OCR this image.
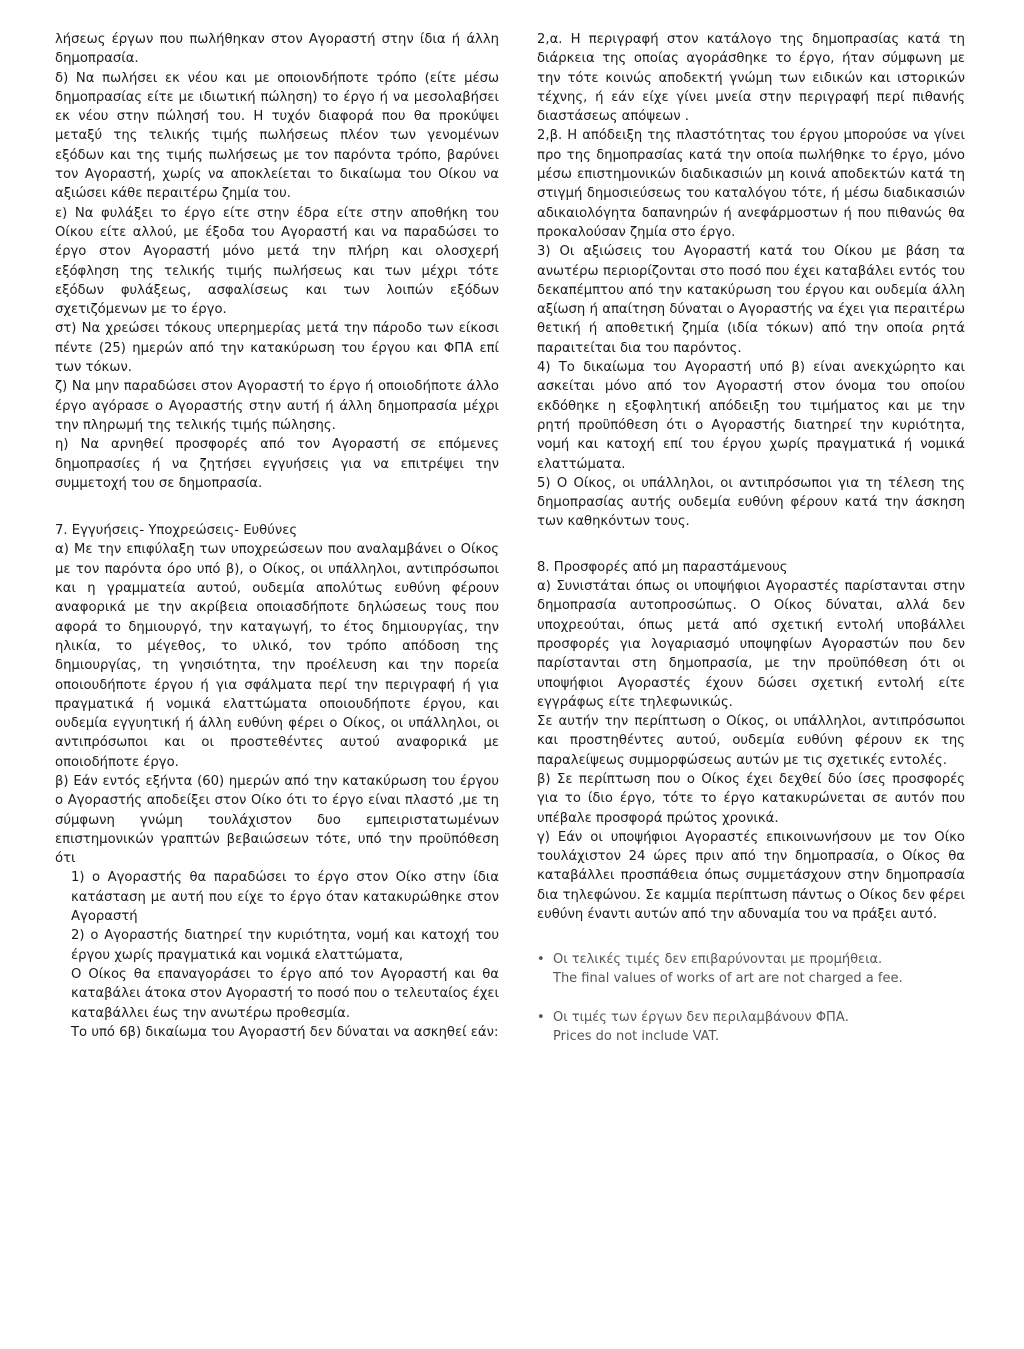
λήσεως έργων που πωλήθηκαν στον Αγοραστή στην ίδια ή άλλη δημοπρασία.

δ) Να πωλήσει εκ νέου και με οποιονδήποτε τρόπο (είτε μέσω δημοπρασίας είτε με ιδιωτική πώληση) το έργο ή να μεσολαβήσει εκ νέου στην πώλησή του. Η τυχόν διαφορά που θα προκύψει μεταξύ της τελικής τιμής πωλήσεως πλέον των γενομένων εξόδων και της τιμής πωλήσεως με τον παρόντα τρόπο, βαρύνει τον Αγοραστή, χωρίς να αποκλείεται το δικαίωμα του Οίκου να αξιώσει κάθε περαιτέρω ζημία του.

ε) Να φυλάξει το έργο είτε στην έδρα είτε στην αποθήκη του Οίκου είτε αλλού, με έξοδα του Αγοραστή και να παραδώσει το έργο στον Αγοραστή μόνο μετά την πλήρη και ολοσχερή εξόφληση της τελικής τιμής πωλήσεως και των μέχρι τότε εξόδων φυλάξεως, ασφαλίσεως και των λοιπών εξόδων σχετιζόμενων με το έργο.

στ) Να χρεώσει τόκους υπερημερίας μετά την πάροδο των είκοσι πέντε (25) ημερών από την κατακύρωση του έργου και ΦΠΑ επί των τόκων.

ζ) Να μην παραδώσει στον Αγοραστή το έργο ή οποιοδήποτε άλλο έργο αγόρασε ο Αγοραστής στην αυτή ή άλλη δημοπρασία μέχρι την πληρωμή της τελικής τιμής πώλησης.

η) Να αρνηθεί προσφορές από τον Αγοραστή σε επόμενες δημοπρασίες ή να ζητήσει εγγυήσεις για να επιτρέψει την συμμετοχή του σε δημοπρασία.

7. Εγγυήσεις- Υποχρεώσεις- Ευθύνες

α) Με την επιφύλαξη των υποχρεώσεων που αναλαμβάνει ο Οίκος με τον παρόντα όρο υπό β), ο Οίκος, οι υπάλληλοι, αντιπρόσωποι και η γραμματεία αυτού, ουδεμία απολύτως ευθύνη φέρουν αναφορικά με την ακρίβεια οποιασδήποτε δηλώσεως τους που αφορά το δημιουργό, την καταγωγή, το έτος δημιουργίας, την ηλικία, το μέγεθος, το υλικό, τον τρόπο απόδοση της δημιουργίας, τη γνησιότητα, την προέλευση και την πορεία οποιουδήποτε έργου ή για σφάλματα περί την περιγραφή ή για πραγματικά ή νομικά ελαττώματα οποιουδήποτε έργου, και ουδεμία εγγυητική ή άλλη ευθύνη φέρει ο Οίκος, οι υπάλληλοι, οι αντιπρόσωποι και οι προστεθέντες αυτού αναφορικά με οποιοδήποτε έργο.

β) Εάν εντός εξήντα (60) ημερών από την κατακύρωση του έργου ο Αγοραστής αποδείξει στον Οίκο ότι το έργο είναι πλαστό ,με τη σύμφωνη γνώμη τουλάχιστον δυο εμπειριστατωμένων επιστημονικών γραπτών βεβαιώσεων τότε, υπό την προϋπόθεση ότι

1) ο Αγοραστής θα παραδώσει το έργο στον Οίκο στην ίδια κατάσταση με αυτή που είχε το έργο όταν κατακυρώθηκε στον Αγοραστή

2) ο Αγοραστής διατηρεί την κυριότητα, νομή και κατοχή του έργου χωρίς πραγματικά και νομικά ελαττώματα,

Ο Οίκος θα επαναγοράσει το έργο από τον Αγοραστή και θα καταβάλει άτοκα στον Αγοραστή το ποσό που ο τελευταίος έχει καταβάλλει έως την ανωτέρω προθεσμία.

Το υπό 6β) δικαίωμα του Αγοραστή δεν δύναται να ασκηθεί εάν:

2,α. Η περιγραφή στον κατάλογο της δημοπρασίας κατά τη διάρκεια της οποίας αγοράσθηκε το έργο, ήταν σύμφωνη με την τότε κοινώς αποδεκτή γνώμη των ειδικών και ιστορικών τέχνης, ή εάν είχε γίνει μνεία στην περιγραφή περί πιθανής διαστάσεως απόψεων .

2,β. Η απόδειξη της πλαστότητας του έργου μπορούσε να γίνει προ της δημοπρασίας κατά την οποία πωλήθηκε το έργο, μόνο μέσω επιστημονικών διαδικασιών μη κοινά αποδεκτών κατά τη στιγμή δημοσιεύσεως του καταλόγου τότε, ή μέσω διαδικασιών αδικαιολόγητα δαπανηρών ή ανεφάρμοστων ή που πιθανώς θα προκαλούσαν ζημία στο έργο.

3) Οι αξιώσεις του Αγοραστή κατά του Οίκου με βάση τα ανωτέρω περιορίζονται στο ποσό που έχει καταβάλει εντός του δεκαπέμπτου από την κατακύρωση του έργου και ουδεμία άλλη αξίωση ή απαίτηση δύναται ο Αγοραστής να έχει για περαιτέρω θετική ή αποθετική ζημία (ιδία τόκων) από την οποία ρητά παραιτείται δια του παρόντος.

4) Το δικαίωμα του Αγοραστή υπό β) είναι ανεκχώρητο και ασκείται μόνο από τον Αγοραστή στον όνομα του οποίου εκδόθηκε η εξοφλητική απόδειξη του τιμήματος και με την ρητή προϋπόθεση ότι ο Αγοραστής διατηρεί την κυριότητα, νομή και κατοχή επί του έργου χωρίς πραγματικά ή νομικά ελαττώματα.

5) Ο Οίκος, οι υπάλληλοι, οι αντιπρόσωποι για τη τέλεση της δημοπρασίας αυτής ουδεμία ευθύνη φέρουν κατά την άσκηση των καθηκόντων τους.

8. Προσφορές από μη παραστάμενους

α) Συνιστάται όπως οι υποψήφιοι Αγοραστές παρίστανται στην δημοπρασία αυτοπροσώπως. Ο Οίκος δύναται, αλλά δεν υποχρεούται, όπως μετά από σχετική εντολή υποβάλλει προσφορές για λογαριασμό υποψηφίων Αγοραστών που δεν παρίστανται στη δημοπρασία, με την προϋπόθεση ότι οι υποψήφιοι Αγοραστές έχουν δώσει σχετική εντολή είτε εγγράφως είτε τηλεφωνικώς.

Σε αυτήν την περίπτωση ο Οίκος, οι υπάλληλοι, αντιπρόσωποι και προστηθέντες αυτού, ουδεμία ευθύνη φέρουν εκ της παραλείψεως συμμορφώσεως αυτών με τις σχετικές εντολές.

β) Σε περίπτωση που ο Οίκος έχει δεχθεί δύο ίσες προσφορές για το ίδιο έργο, τότε το έργο κατακυρώνεται σε αυτόν που υπέβαλε προσφορά πρώτος χρονικά.

γ) Εάν οι υποψήφιοι Αγοραστές επικοινωνήσουν με τον Οίκο τουλάχιστον 24 ώρες πριν από την δημοπρασία, ο Οίκος θα καταβάλλει προσπάθεια όπως συμμετάσχουν στην δημοπρασία δια τηλεφώνου. Σε καμμία περίπτωση πάντως ο Οίκος δεν φέρει ευθύνη έναντι αυτών από την αδυναμία του να πράξει αυτό.

• Οι τελικές τιμές δεν επιβαρύνονται με προμήθεια.
The final values of works of art are not charged a fee.
• Οι τιμές των έργων δεν περιλαμβάνουν ΦΠΑ.
Prices do not include VAT.
